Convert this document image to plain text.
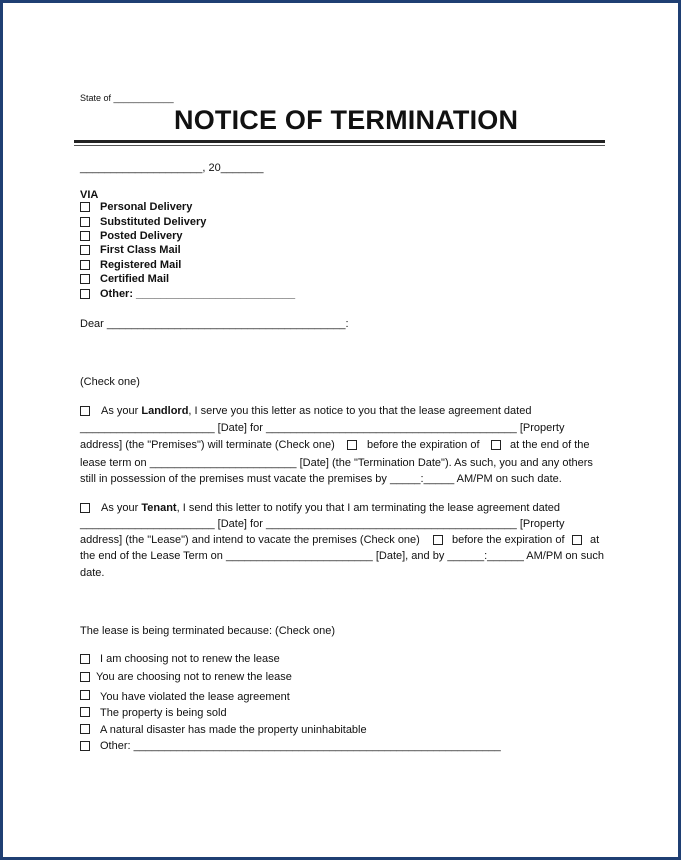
State of ____________
NOTICE OF TERMINATION
____________________, 20_______
VIA
Personal Delivery
Substituted Delivery
Posted Delivery
First Class Mail
Registered Mail
Certified Mail
Other: __________________________
Dear _______________________________________:
(Check one)
As your Landlord, I serve you this letter as notice to you that the lease agreement dated
______________________ [Date] for _________________________________________ [Property
address] (the "Premises") will terminate (Check one)	before the expiration of	at the end of the
lease term on ________________________ [Date] (the "Termination Date"). As such, you and any others
still in possession of the premises must vacate the premises by _____:_____ AM/PM on such date.
As your Tenant, I send this letter to notify you that I am terminating the lease agreement dated
______________________ [Date] for _________________________________________ [Property
address] (the "Lease") and intend to vacate the premises (Check one)	before the expiration of at
the end of the Lease Term on ________________________ [Date], and by ______:______ AM/PM on such
date.
The lease is being terminated because: (Check one)
I am choosing not to renew the lease
You are choosing not to renew the lease
You have violated the lease agreement
The property is being sold
A natural disaster has made the property uninhabitable
Other: ____________________________________________________________
